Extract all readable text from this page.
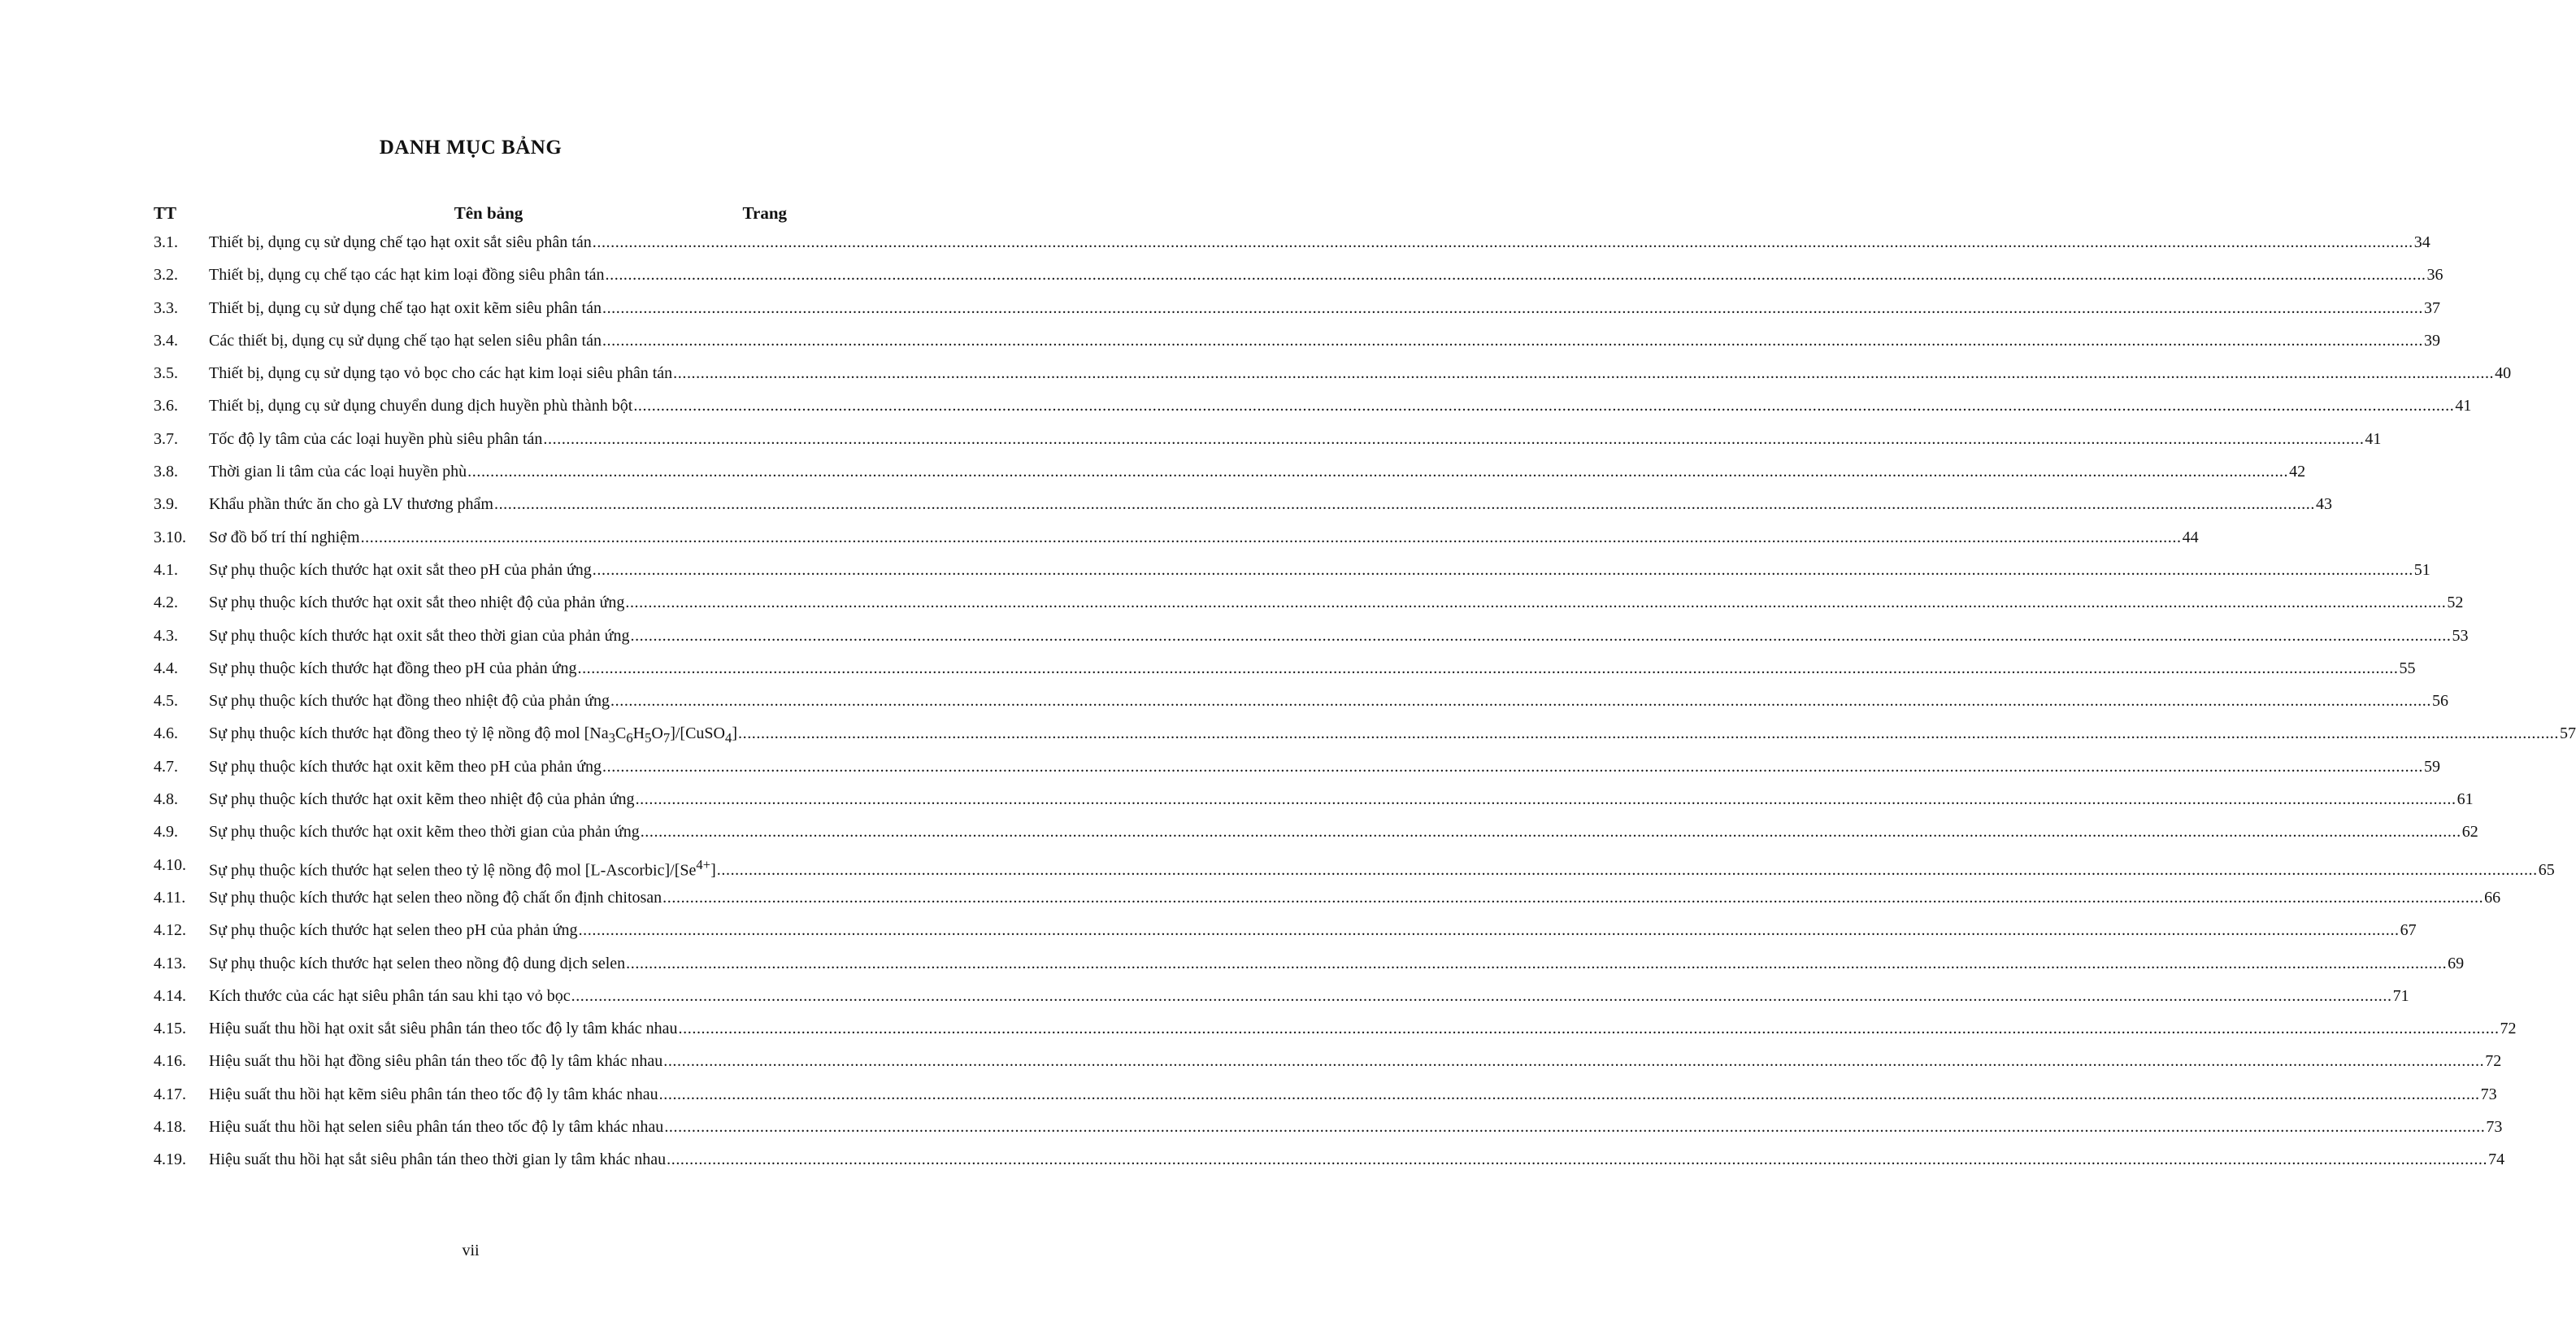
DANH MỤC BẢNG
TT	Tên bảng	Trang
3.1. Thiết bị, dụng cụ sử dụng chế tạo hạt oxit sắt siêu phân tán ................................................................................................................................................................................................................................................................................................................................................................................................................ 34
3.2. Thiết bị, dụng cụ chế tạo các hạt kim loại đồng siêu phân tán ................................................................................................................................................................................................................................................................................................................................................................................................................ 36
3.3. Thiết bị, dụng cụ sử dụng chế tạo hạt oxit kẽm siêu phân tán ................................................................................................................................................................................................................................................................................................................................................................................................................ 37
3.4. Các thiết bị, dụng cụ sử dụng chế tạo hạt selen siêu phân tán ................................................................................................................................................................................................................................................................................................................................................................................................................ 39
3.5. Thiết bị, dụng cụ sử dụng tạo vỏ bọc cho các hạt kim loại siêu phân tán ................................................................................................................................................................................................................................................................................................................................................................................................................ 40
3.6. Thiết bị, dụng cụ sử dụng chuyển dung dịch huyền phù thành bột ................................................................................................................................................................................................................................................................................................................................................................................................................ 41
3.7. Tốc độ ly tâm của các loại huyền phù siêu phân tán ................................................................................................................................................................................................................................................................................................................................................................................................................ 41
3.8. Thời gian li tâm của các loại huyền phù ................................................................................................................................................................................................................................................................................................................................................................................................................ 42
3.9. Khẩu phần thức ăn cho gà LV thương phẩm ................................................................................................................................................................................................................................................................................................................................................................................................................ 43
3.10. Sơ đồ bố trí thí nghiệm ................................................................................................................................................................................................................................................................................................................................................................................................................ 44
4.1. Sự phụ thuộc kích thước hạt oxit sắt theo pH của phản ứng ................................................................................................................................................................................................................................................................................................................................................................................................................ 51
4.2. Sự phụ thuộc kích thước hạt oxit sắt theo nhiệt độ của phản ứng ................................................................................................................................................................................................................................................................................................................................................................................................................ 52
4.3. Sự phụ thuộc kích thước hạt oxit sắt theo thời gian của phản ứng ................................................................................................................................................................................................................................................................................................................................................................................................................ 53
4.4. Sự phụ thuộc kích thước hạt đồng theo pH của phản ứng ................................................................................................................................................................................................................................................................................................................................................................................................................ 55
4.5. Sự phụ thuộc kích thước hạt đồng theo nhiệt độ của phản ứng ................................................................................................................................................................................................................................................................................................................................................................................................................ 56
4.6. Sự phụ thuộc kích thước hạt đồng theo tỷ lệ nồng độ mol $[Na_3C_6H_5O_7]/[CuSO_4]$ ................................................................................................................................................................................................................................................................................................................................................................................................................ 57
4.7. Sự phụ thuộc kích thước hạt oxit kẽm theo pH của phản ứng ................................................................................................................................................................................................................................................................................................................................................................................................................ 59
4.8. Sự phụ thuộc kích thước hạt oxit kẽm theo nhiệt độ của phản ứng ................................................................................................................................................................................................................................................................................................................................................................................................................ 61
4.9. Sự phụ thuộc kích thước hạt oxit kẽm theo thời gian của phản ứng ................................................................................................................................................................................................................................................................................................................................................................................................................ 62
4.10. Sự phụ thuộc kích thước hạt selen theo tỷ lệ nồng độ mol $[L-Ascorbic]/[Se^{4+}]$ ................................................................................................................................................................................................................................................................................................................................................................................................................ 65
4.11. Sự phụ thuộc kích thước hạt selen theo nồng độ chất ổn định chitosan ................................................................................................................................................................................................................................................................................................................................................................................................................ 66
4.12. Sự phụ thuộc kích thước hạt selen theo pH của phản ứng ................................................................................................................................................................................................................................................................................................................................................................................................................ 67
4.13. Sự phụ thuộc kích thước hạt selen theo nồng độ dung dịch selen ................................................................................................................................................................................................................................................................................................................................................................................................................ 69
4.14. Kích thước của các hạt siêu phân tán sau khi tạo vỏ bọc ................................................................................................................................................................................................................................................................................................................................................................................................................ 71
4.15. Hiệu suất thu hồi hạt oxit sắt siêu phân tán theo tốc độ ly tâm khác nhau ................................................................................................................................................................................................................................................................................................................................................................................................................ 72
4.16. Hiệu suất thu hồi hạt đồng siêu phân tán theo tốc độ ly tâm khác nhau ................................................................................................................................................................................................................................................................................................................................................................................................................ 72
4.17. Hiệu suất thu hồi hạt kẽm siêu phân tán theo tốc độ ly tâm khác nhau ................................................................................................................................................................................................................................................................................................................................................................................................................ 73
4.18. Hiệu suất thu hồi hạt selen siêu phân tán theo tốc độ ly tâm khác nhau ................................................................................................................................................................................................................................................................................................................................................................................................................ 73
4.19. Hiệu suất thu hồi hạt sắt siêu phân tán theo thời gian ly tâm khác nhau ................................................................................................................................................................................................................................................................................................................................................................................................................ 74
vii
